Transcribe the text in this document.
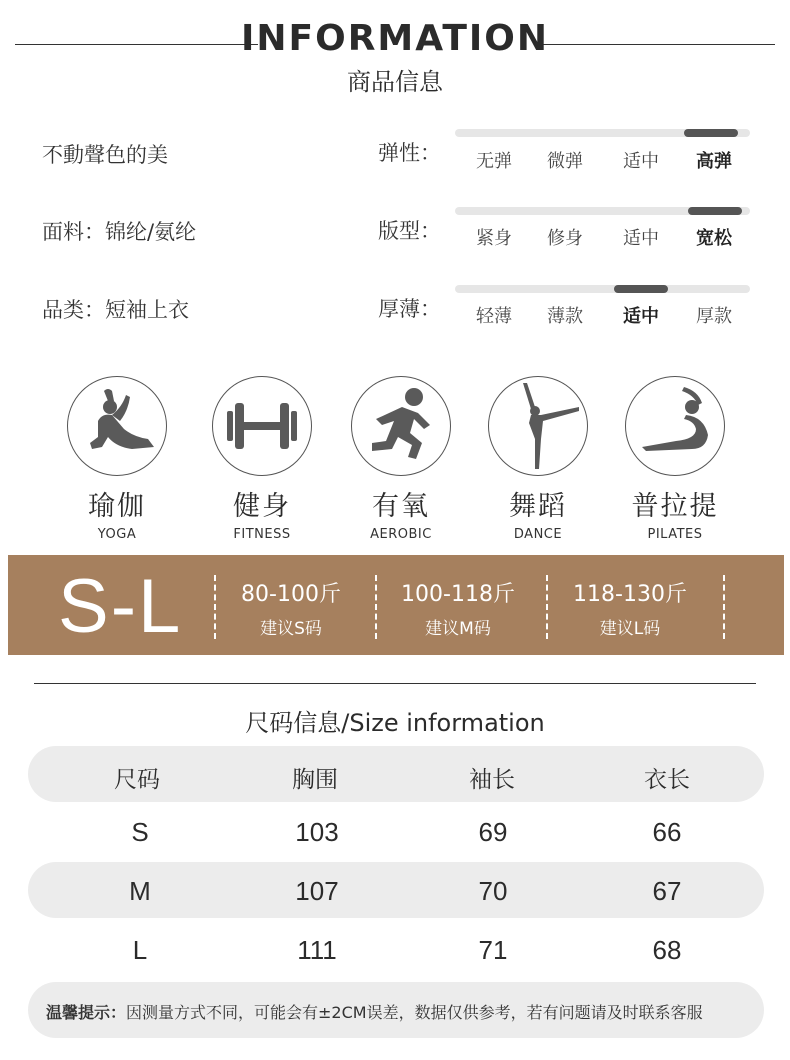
INFORMATION
商品信息
不動聲色的美
面料：锦纶/氨纶
品类：短袖上衣
弹性：	无弹	微弹	适中	高弹
版型：	紧身	修身	适中	宽松
厚薄：	轻薄	薄款	适中	厚款
瑜伽
YOGA
健身
FITNESS
有氧
AEROBIC
舞蹈
DANCE
普拉提
PILATES
S-L	80-100斤
建议S码
100-118斤
建议M码
118-130斤
建议L码
尺码信息/Size information
尺码	胸围	袖长	衣长
S	103	69	66
M	107	70	67
L	111	71	68
温馨提示：因测量方式不同，可能会有±2CM误差，数据仅供参考，若有问题请及时联系客服
